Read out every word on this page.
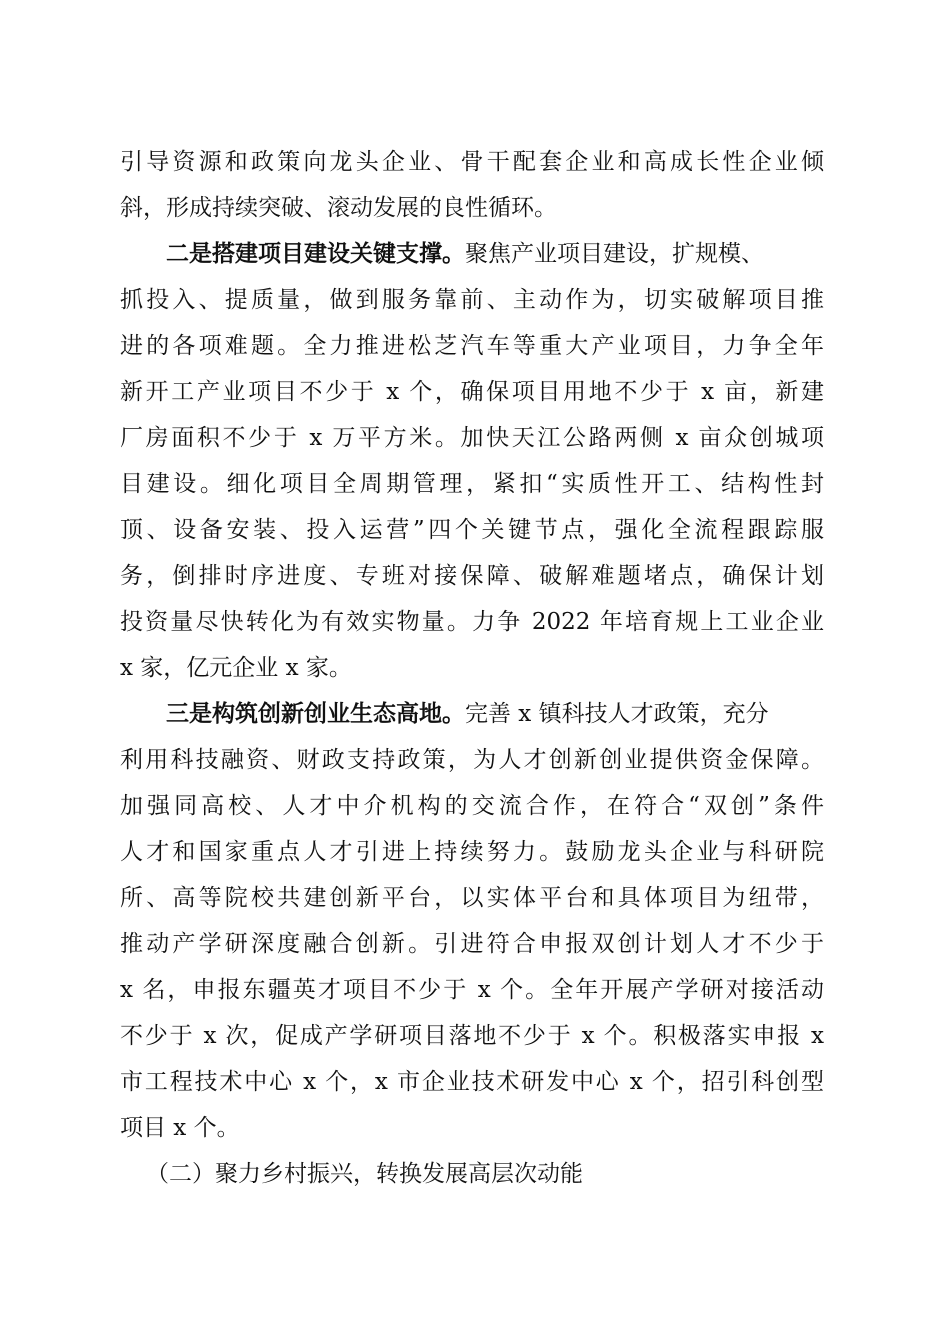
引导资源和政策向龙头企业、骨干配套企业和高成长性企业倾
斜，形成持续突破、滚动发展的良性循环。
二是搭建项目建设关键支撑。聚焦产业项目建设，扩规模、
抓投入、提质量，做到服务靠前、主动作为，切实破解项目推
进的各项难题。全力推进松芝汽车等重大产业项目，力争全年
新开工产业项目不少于 x 个，确保项目用地不少于 x 亩，新建
厂房面积不少于 x 万平方米。加快天江公路两侧 x 亩众创城项
目建设。细化项目全周期管理，紧扣“实质性开工、结构性封
顶、设备安装、投入运营”四个关键节点，强化全流程跟踪服
务，倒排时序进度、专班对接保障、破解难题堵点，确保计划
投资量尽快转化为有效实物量。力争 2022 年培育规上工业企业
x 家，亿元企业 x 家。
三是构筑创新创业生态高地。完善 x 镇科技人才政策，充分
利用科技融资、财政支持政策，为人才创新创业提供资金保障。
加强同高校、人才中介机构的交流合作，在符合“双创”条件
人才和国家重点人才引进上持续努力。鼓励龙头企业与科研院
所、高等院校共建创新平台，以实体平台和具体项目为纽带，
推动产学研深度融合创新。引进符合申报双创计划人才不少于
x 名，申报东疆英才项目不少于 x 个。全年开展产学研对接活动
不少于 x 次，促成产学研项目落地不少于 x 个。积极落实申报 x
市工程技术中心 x 个，x 市企业技术研发中心 x 个，招引科创型
项目 x 个。
（二）聚力乡村振兴，转换发展高层次动能
